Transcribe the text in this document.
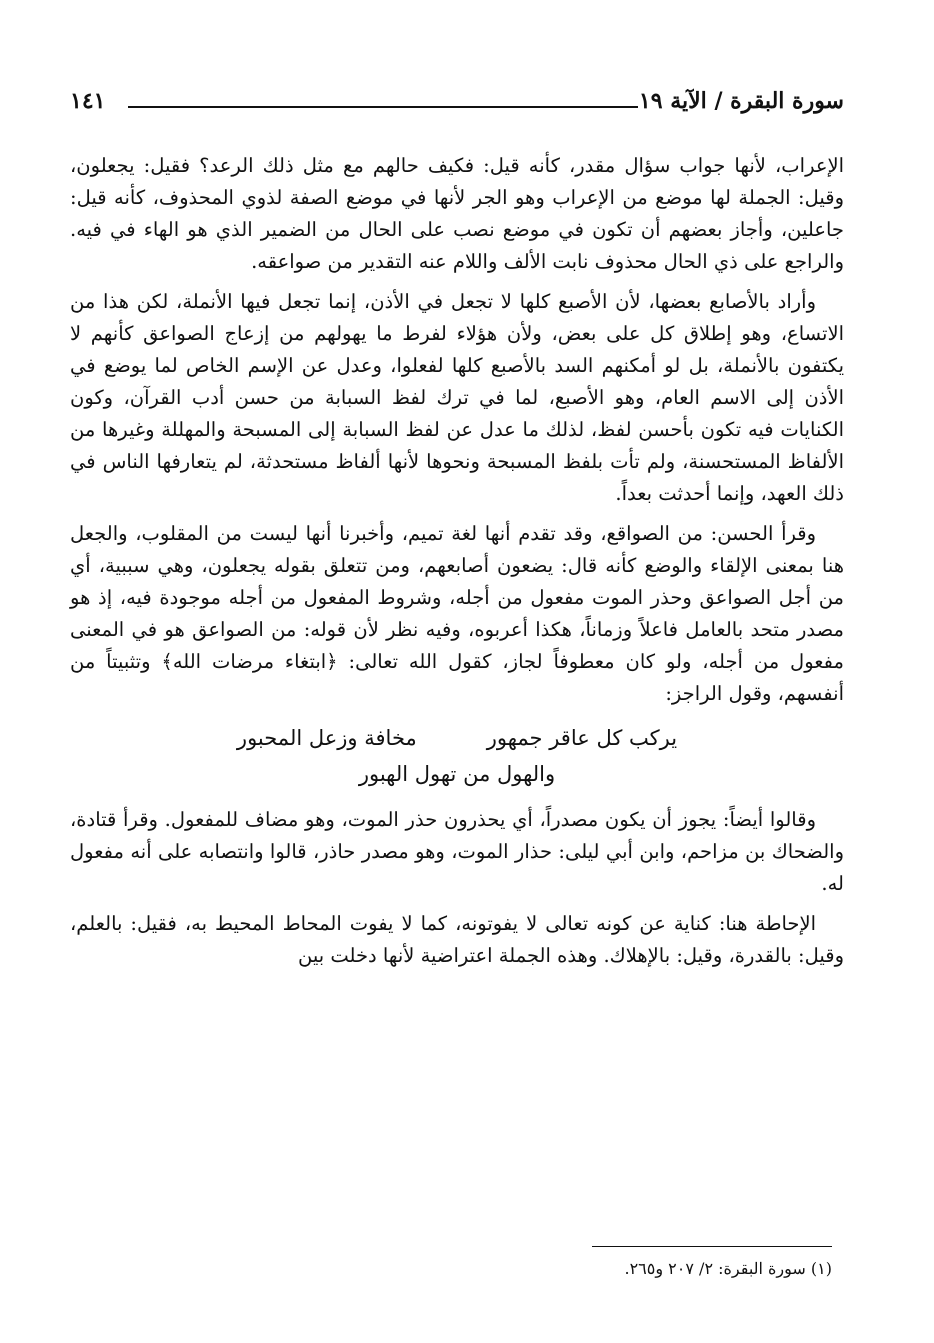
سورة البقرة / الآية ١٩
١٤١

الإعراب، لأنها جواب سؤال مقدر، كأنه قيل: فكيف حالهم مع مثل ذلك الرعد؟ فقيل: يجعلون، وقيل: الجملة لها موضع من الإعراب وهو الجر لأنها في موضع الصفة لذوي المحذوف، كأنه قيل: جاعلين، وأجاز بعضهم أن تكون في موضع نصب على الحال من الضمير الذي هو الهاء في فيه. والراجع على ذي الحال محذوف نابت الألف واللام عنه التقدير من صواعقه.

وأراد بالأصابع بعضها، لأن الأصبع كلها لا تجعل في الأذن، إنما تجعل فيها الأنملة، لكن هذا من الاتساع، وهو إطلاق كل على بعض، ولأن هؤلاء لفرط ما يهولهم من إزعاج الصواعق كأنهم لا يكتفون بالأنملة، بل لو أمكنهم السد بالأصبع كلها لفعلوا، وعدل عن الإسم الخاص لما يوضع في الأذن إلى الاسم العام، وهو الأصبع، لما في ترك لفظ السبابة من حسن أدب القرآن، وكون الكنايات فيه تكون بأحسن لفظ، لذلك ما عدل عن لفظ السبابة إلى المسبحة والمهللة وغيرها من الألفاظ المستحسنة، ولم تأت بلفظ المسبحة ونحوها لأنها ألفاظ مستحدثة، لم يتعارفها الناس في ذلك العهد، وإنما أحدثت بعداً.

وقرأ الحسن: من الصواقع، وقد تقدم أنها لغة تميم، وأخبرنا أنها ليست من المقلوب، والجعل هنا بمعنى الإلقاء والوضع كأنه قال: يضعون أصابعهم، ومن تتعلق بقوله يجعلون، وهي سببية، أي من أجل الصواعق وحذر الموت مفعول من أجله، وشروط المفعول من أجله موجودة فيه، إذ هو مصدر متحد بالعامل فاعلاً وزماناً، هكذا أعربوه، وفيه نظر لأن قوله: من الصواعق هو في المعنى مفعول من أجله، ولو كان معطوفاً لجاز، كقول الله تعالى: ﴿ابتغاء مرضات الله﴾ وتثبيتاً من أنفسهم، وقول الراجز:

يركب كل عاقر جمهور
مخافة وزعل المحبور
والهول من تهول الهبور

وقالوا أيضاً: يجوز أن يكون مصدراً، أي يحذرون حذر الموت، وهو مضاف للمفعول. وقرأ قتادة، والضحاك بن مزاحم، وابن أبي ليلى: حذار الموت، وهو مصدر حاذر، قالوا وانتصابه على أنه مفعول له.

الإحاطة هنا: كناية عن كونه تعالى لا يفوتونه، كما لا يفوت المحاط المحيط به، فقيل: بالعلم، وقيل: بالقدرة، وقيل: بالإهلاك. وهذه الجملة اعتراضية لأنها دخلت بين

(١) سورة البقرة: ٢/ ٢٠٧ و٢٦٥.
